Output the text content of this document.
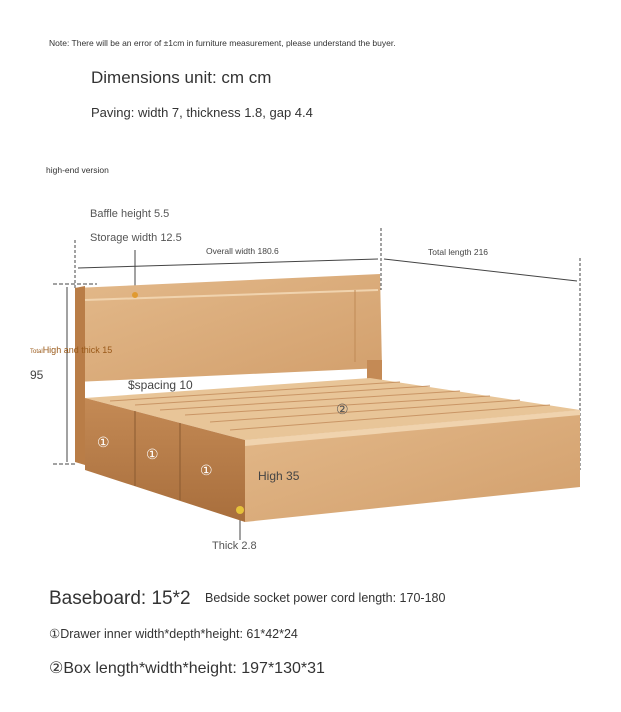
Note: There will be an error of ±1cm in furniture measurement, please understand the buyer.
Dimensions unit: cm cm
Paving: width 7, thickness 1.8, gap 4.4
high-end version
Baffle height 5.5
Storage width 12.5
Overall width 180.6	Total length 216
TotalHigh and thick 15
95
$spacing 10
High 35
Thick 2.8
①
①
①
②
Baseboard: 15*2 Bedside socket power cord length: 170-180
①Drawer inner width*depth*height: 61*42*24
②Box length*width*height: 197*130*31
